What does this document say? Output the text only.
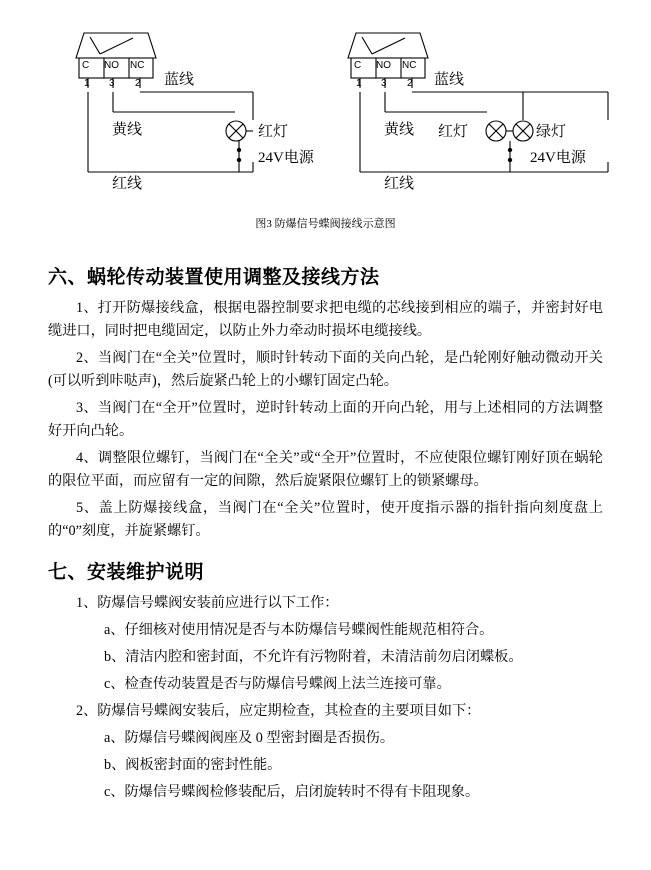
C NO NC
1 3 2 蓝线
黄线
红线
红灯
24V电源
C NO NC
1 3 2 蓝线
黄线
红线
红灯	绿灯
24V电源
图3 防爆信号蝶阀接线示意图
六、蜗轮传动装置使用调整及接线方法

1、打开防爆接线盒，根据电器控制要求把电缆的芯线接到相应的端子，并密封好电缆进口，同时把电缆固定，以防止外力牵动时损坏电缆接线。

2、当阀门在“全关”位置时，顺时针转动下面的关向凸轮，是凸轮刚好触动微动开关(可以听到咔哒声)，然后旋紧凸轮上的小螺钉固定凸轮。

3、当阀门在“全开”位置时，逆时针转动上面的开向凸轮，用与上述相同的方法调整好开向凸轮。

4、调整限位螺钉，当阀门在“全关”或“全开”位置时，不应使限位螺钉刚好顶在蜗轮的限位平面，而应留有一定的间隙，然后旋紧限位螺钉上的锁紧螺母。

5、盖上防爆接线盒，当阀门在“全关”位置时，使开度指示器的指针指向刻度盘上的“0”刻度，并旋紧螺钉。

七、安装维护说明

1、防爆信号蝶阀安装前应进行以下工作：

a、仔细核对使用情况是否与本防爆信号蝶阀性能规范相符合。

b、清洁内腔和密封面，不允许有污物附着，未清洁前勿启闭蝶板。

c、检查传动装置是否与防爆信号蝶阀上法兰连接可靠。

2、防爆信号蝶阀安装后，应定期检查，其检查的主要项目如下：

a、防爆信号蝶阀阀座及 0 型密封圈是否损伤。

b、阀板密封面的密封性能。

c、防爆信号蝶阀检修装配后，启闭旋转时不得有卡阻现象。
